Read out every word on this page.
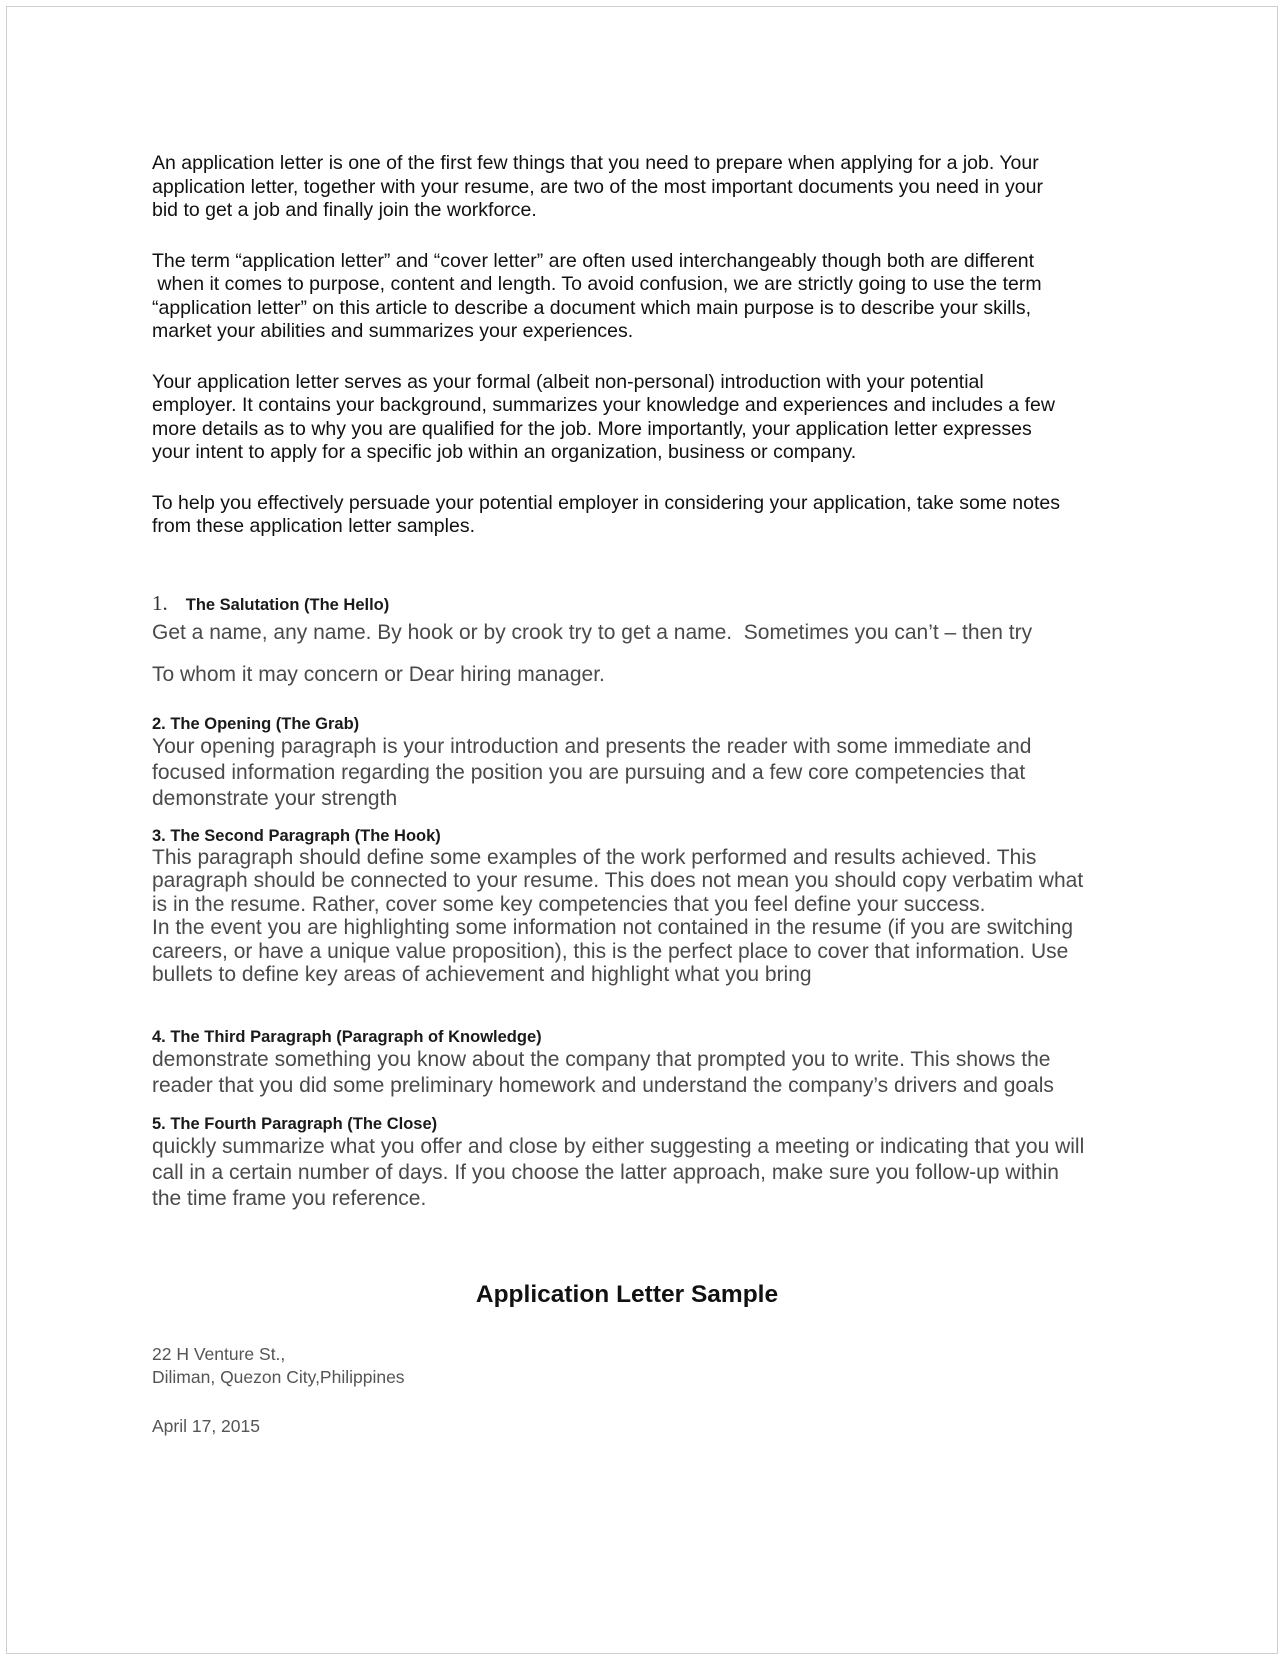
An application letter is one of the first few things that you need to prepare when applying for a job. Your
application letter, together with your resume, are two of the most important documents you need in your
bid to get a job and finally join the workforce.

The term “application letter” and “cover letter” are often used interchangeably though both are different
when it comes to purpose, content and length. To avoid confusion, we are strictly going to use the term
“application letter” on this article to describe a document which main purpose is to describe your skills,
market your abilities and summarizes your experiences.

Your application letter serves as your formal (albeit non-personal) introduction with your potential
employer. It contains your background, summarizes your knowledge and experiences and includes a few
more details as to why you are qualified for the job. More importantly, your application letter expresses
your intent to apply for a specific job within an organization, business or company.

To help you effectively persuade your potential employer in considering your application, take some notes
from these application letter samples.

1. The Salutation (The Hello)

Get a name, any name. By hook or by crook try to get a name.  Sometimes you can’t – then try

To whom it may concern or Dear hiring manager.

2. The Opening (The Grab)

Your opening paragraph is your introduction and presents the reader with some immediate and
focused information regarding the position you are pursuing and a few core competencies that
demonstrate your strength

3. The Second Paragraph (The Hook)

This paragraph should define some examples of the work performed and results achieved. This
paragraph should be connected to your resume. This does not mean you should copy verbatim what
is in the resume. Rather, cover some key competencies that you feel define your success.
In the event you are highlighting some information not contained in the resume (if you are switching
careers, or have a unique value proposition), this is the perfect place to cover that information. Use
bullets to define key areas of achievement and highlight what you bring

4. The Third Paragraph (Paragraph of Knowledge)

demonstrate something you know about the company that prompted you to write. This shows the
reader that you did some preliminary homework and understand the company’s drivers and goals

5. The Fourth Paragraph (The Close)

quickly summarize what you offer and close by either suggesting a meeting or indicating that you will
call in a certain number of days. If you choose the latter approach, make sure you follow-up within
the time frame you reference.

Application Letter Sample

22 H Venture St.,
Diliman, Quezon City,Philippines

April 17, 2015
